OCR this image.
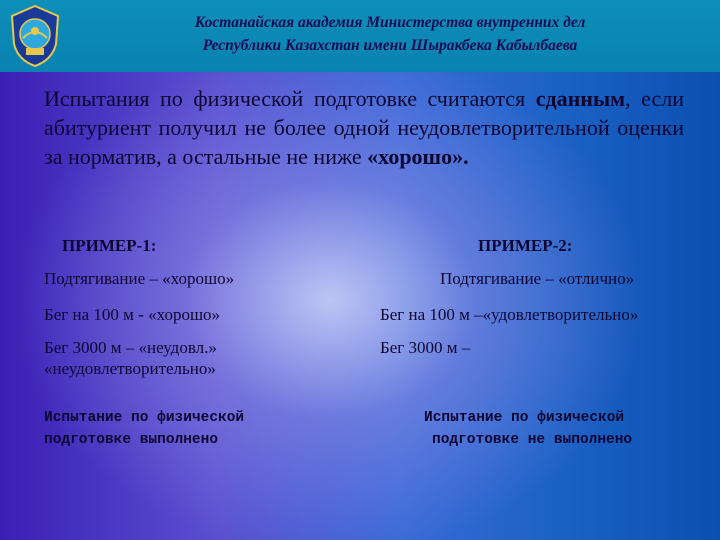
Костанайская академия Министерства внутренних дел
Республики Казахстан имени Шыракбека Кабылбаева
Испытания по физической подготовке считаются сданным, если абитуриент получил не более одной неудовлетворительной оценки за норматив, а остальные не ниже «хорошо».
ПРИМЕР-1:	ПРИМЕР-2:
Подтягивание – «хорошо»
Бег на 100 м - «хорошо»
Бег 3000 м – «неудовл.»
«неудовлетворительно»
Подтягивание – «отлично»
Бег на 100 м –«удовлетворительно»
Бег 3000 м –
Испытание по физической
подготовке выполнено
Испытание по физической
подготовке не выполнено
